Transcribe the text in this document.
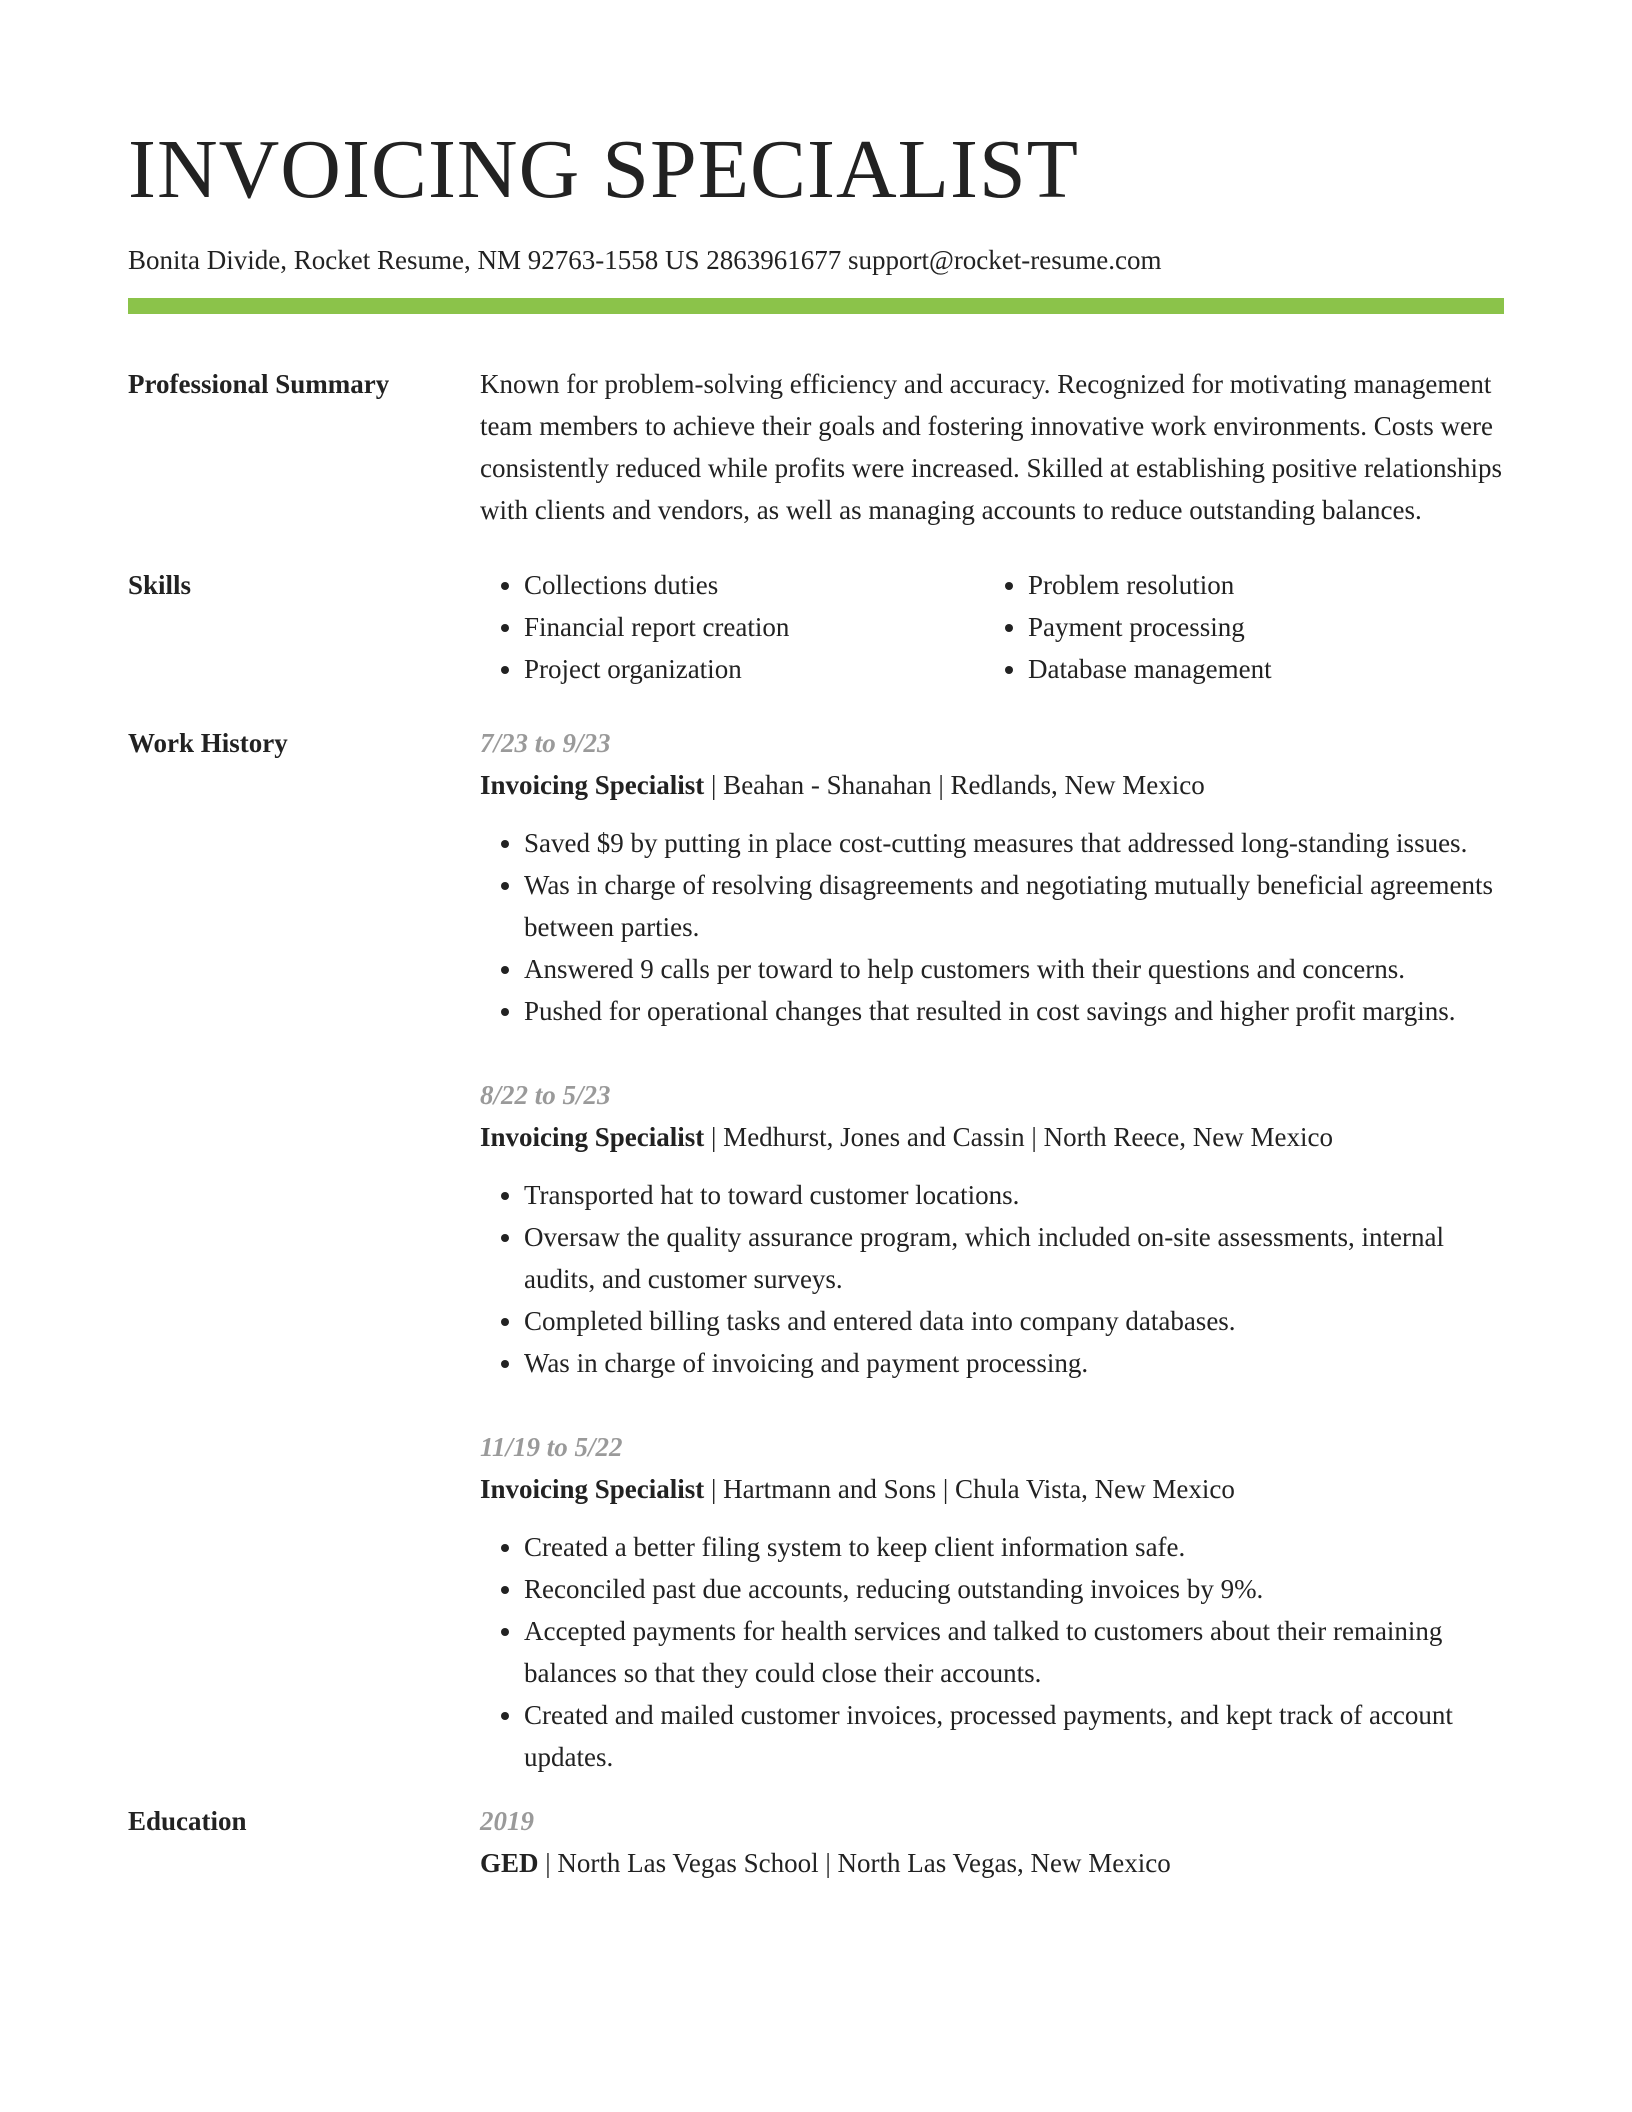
INVOICING SPECIALIST
Bonita Divide, Rocket Resume, NM 92763-1558 US 2863961677 support@rocket-resume.com
Professional Summary	Known for problem-solving efficiency and accuracy. Recognized for motivating management team members to achieve their goals and fostering innovative work environments. Costs were consistently reduced while profits were increased. Skilled at establishing positive relationships with clients and vendors, as well as managing accounts to reduce outstanding balances.

Skills
•	Collections duties
• Financial report creation
• Project organization
• Problem resolution
• Payment processing
• Database management
Work History	7/23 to 9/23
Invoicing Specialist | Beahan - Shanahan | Redlands, New Mexico
• Saved $9 by putting in place cost-cutting measures that addressed long-standing issues.
• Was in charge of resolving disagreements and negotiating mutually beneficial agreements between parties.
• Answered 9 calls per toward to help customers with their questions and concerns.
• Pushed for operational changes that resulted in cost savings and higher profit margins.
8/22 to 5/23
Invoicing Specialist | Medhurst, Jones and Cassin | North Reece, New Mexico
• Transported hat to toward customer locations.
• Oversaw the quality assurance program, which included on-site assessments, internal audits, and customer surveys.
• Completed billing tasks and entered data into company databases.
• Was in charge of invoicing and payment processing.
11/19 to 5/22
Invoicing Specialist | Hartmann and Sons | Chula Vista, New Mexico
• Created a better filing system to keep client information safe.
• Reconciled past due accounts, reducing outstanding invoices by 9%.
• Accepted payments for health services and talked to customers about their remaining balances so that they could close their accounts.
• Created and mailed customer invoices, processed payments, and kept track of account updates.
Education	2019
GED | North Las Vegas School | North Las Vegas, New Mexico
